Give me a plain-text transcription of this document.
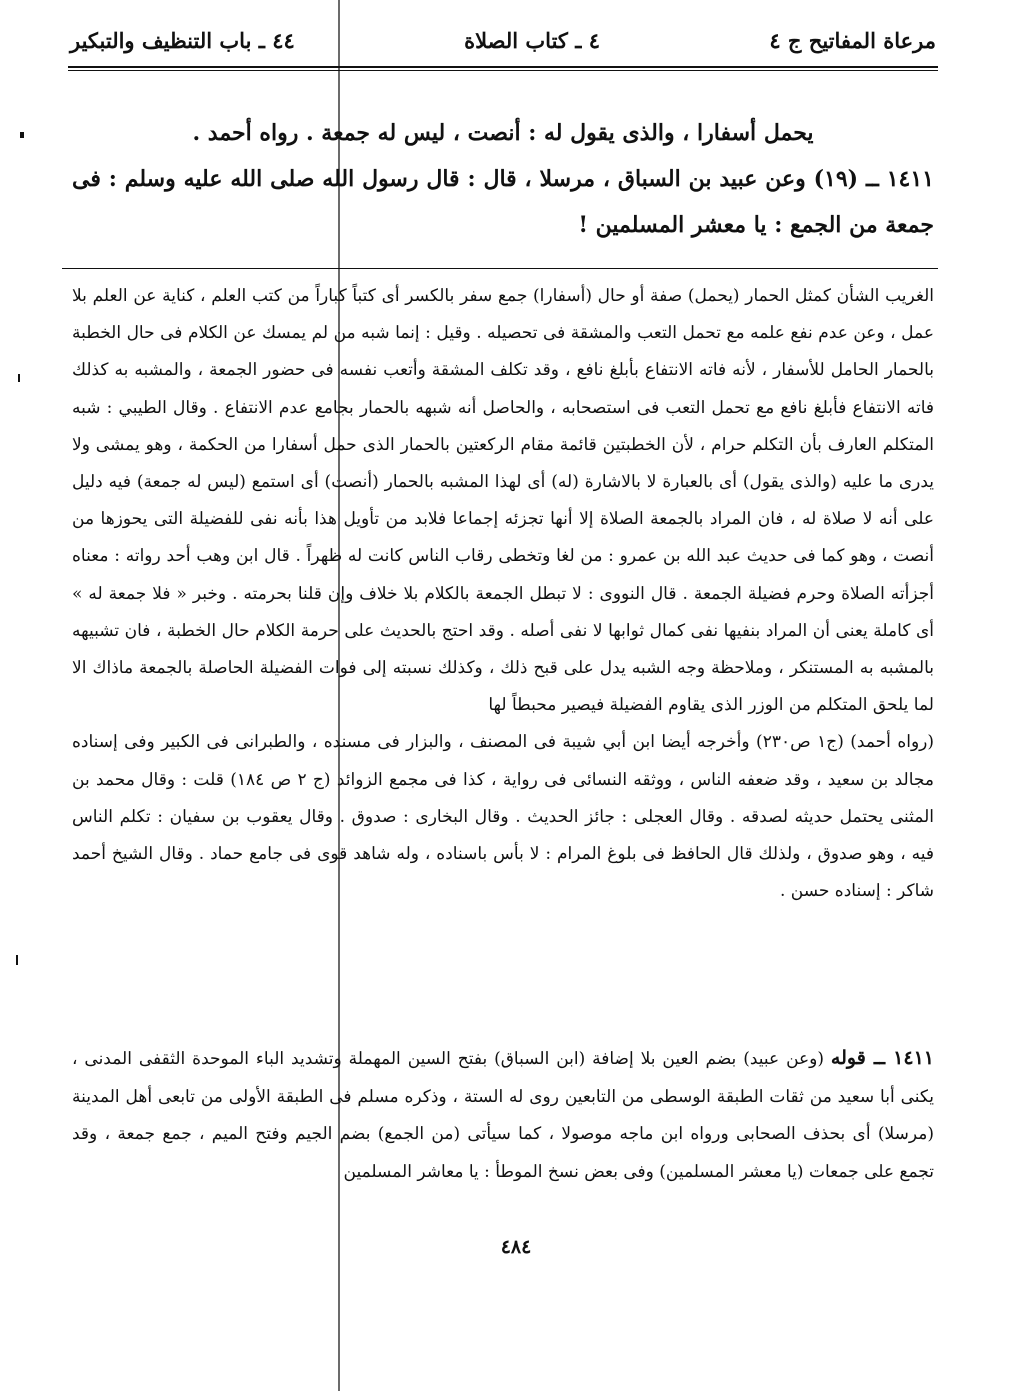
مرعاة المفاتيح ج ٤
٤ ـ كتاب الصلاة
٤٤ ـ باب التنظيف والتبكير

يحمل أسفارا ، والذى يقول له : أنصت ، ليس له جمعة . رواه أحمد .

١٤١١ ــ (١٩) وعن عبيد بن السباق ، مرسلا ، قال : قال رسول الله صلى الله عليه وسلم : فى جمعة من الجمع : يا معشر المسلمين !

الغريب الشأن كمثل الحمار (يحمل) صفة أو حال (أسفارا) جمع سفر بالكسر أى كتباً كباراً من كتب العلم ، كناية عن العلم بلا عمل ، وعن عدم نفع علمه مع تحمل التعب والمشقة فى تحصيله . وقيل : إنما شبه من لم يمسك عن الكلام فى حال الخطبة بالحمار الحامل للأسفار ، لأنه فاته الانتفاع بأبلغ نافع ، وقد تكلف المشقة وأتعب نفسه فى حضور الجمعة ، والمشبه به كذلك فاته الانتفاع فأبلغ نافع مع تحمل التعب فى استصحابه ، والحاصل أنه شبهه بالحمار بجامع عدم الانتفاع . وقال الطيبي : شبه المتكلم العارف بأن التكلم حرام ، لأن الخطبتين قائمة مقام الركعتين بالحمار الذى حمل أسفارا من الحكمة ، وهو يمشى ولا يدرى ما عليه (والذى يقول) أى بالعبارة لا بالاشارة (له) أى لهذا المشبه بالحمار (أنصت) أى استمع (ليس له جمعة) فيه دليل على أنه لا صلاة له ، فان المراد بالجمعة الصلاة إلا أنها تجزئه إجماعا فلابد من تأويل هذا بأنه نفى للفضيلة التى يحوزها من أنصت ، وهو كما فى حديث عبد الله بن عمرو : من لغا وتخطى رقاب الناس كانت له ظهراً . قال ابن وهب أحد رواته : معناه أجزأته الصلاة وحرم فضيلة الجمعة . قال النووى : لا تبطل الجمعة بالكلام بلا خلاف وإن قلنا بحرمته . وخبر « فلا جمعة له » أى كاملة يعنى أن المراد بنفيها نفى كمال ثوابها لا نفى أصله . وقد احتج بالحديث على حرمة الكلام حال الخطبة ، فان تشبيهه بالمشبه به المستنكر ، وملاحظة وجه الشبه يدل على قبح ذلك ، وكذلك نسبته إلى فوات الفضيلة الحاصلة بالجمعة ماذاك الا لما يلحق المتكلم من الوزر الذى يقاوم الفضيلة فيصير محبطاً لها

(رواه أحمد) (ج١ ص٢٣٠) وأخرجه أيضا ابن أبي شيبة فى المصنف ، والبزار فى مسنده ، والطبرانى فى الكبير وفى إسناده مجالد بن سعيد ، وقد ضعفه الناس ، ووثقه النسائى فى رواية ، كذا فى مجمع الزوائد (ج ٢ ص ١٨٤) قلت : وقال محمد بن المثنى يحتمل حديثه لصدقه . وقال العجلى : جائز الحديث . وقال البخارى : صدوق . وقال يعقوب بن سفيان : تكلم الناس فيه ، وهو صدوق ، ولذلك قال الحافظ فى بلوغ المرام : لا بأس باسناده ، وله شاهد قوى فى جامع حماد . وقال الشيخ أحمد شاكر : إسناده حسن .

١٤١١ ــ قوله (وعن عبيد) بضم العين بلا إضافة (ابن السباق) بفتح السين المهملة وتشديد الباء الموحدة الثقفى المدنى ، يكنى أبا سعيد من ثقات الطبقة الوسطى من التابعين روى له الستة ، وذكره مسلم فى الطبقة الأولى من تابعى أهل المدينة (مرسلا) أى بحذف الصحابى ورواه ابن ماجه موصولا ، كما سيأتى (من الجمع) بضم الجيم وفتح الميم ، جمع جمعة ، وقد تجمع على جمعات (يا معشر المسلمين) وفى بعض نسخ الموطأ : يا معاشر المسلمين

٤٨٤
